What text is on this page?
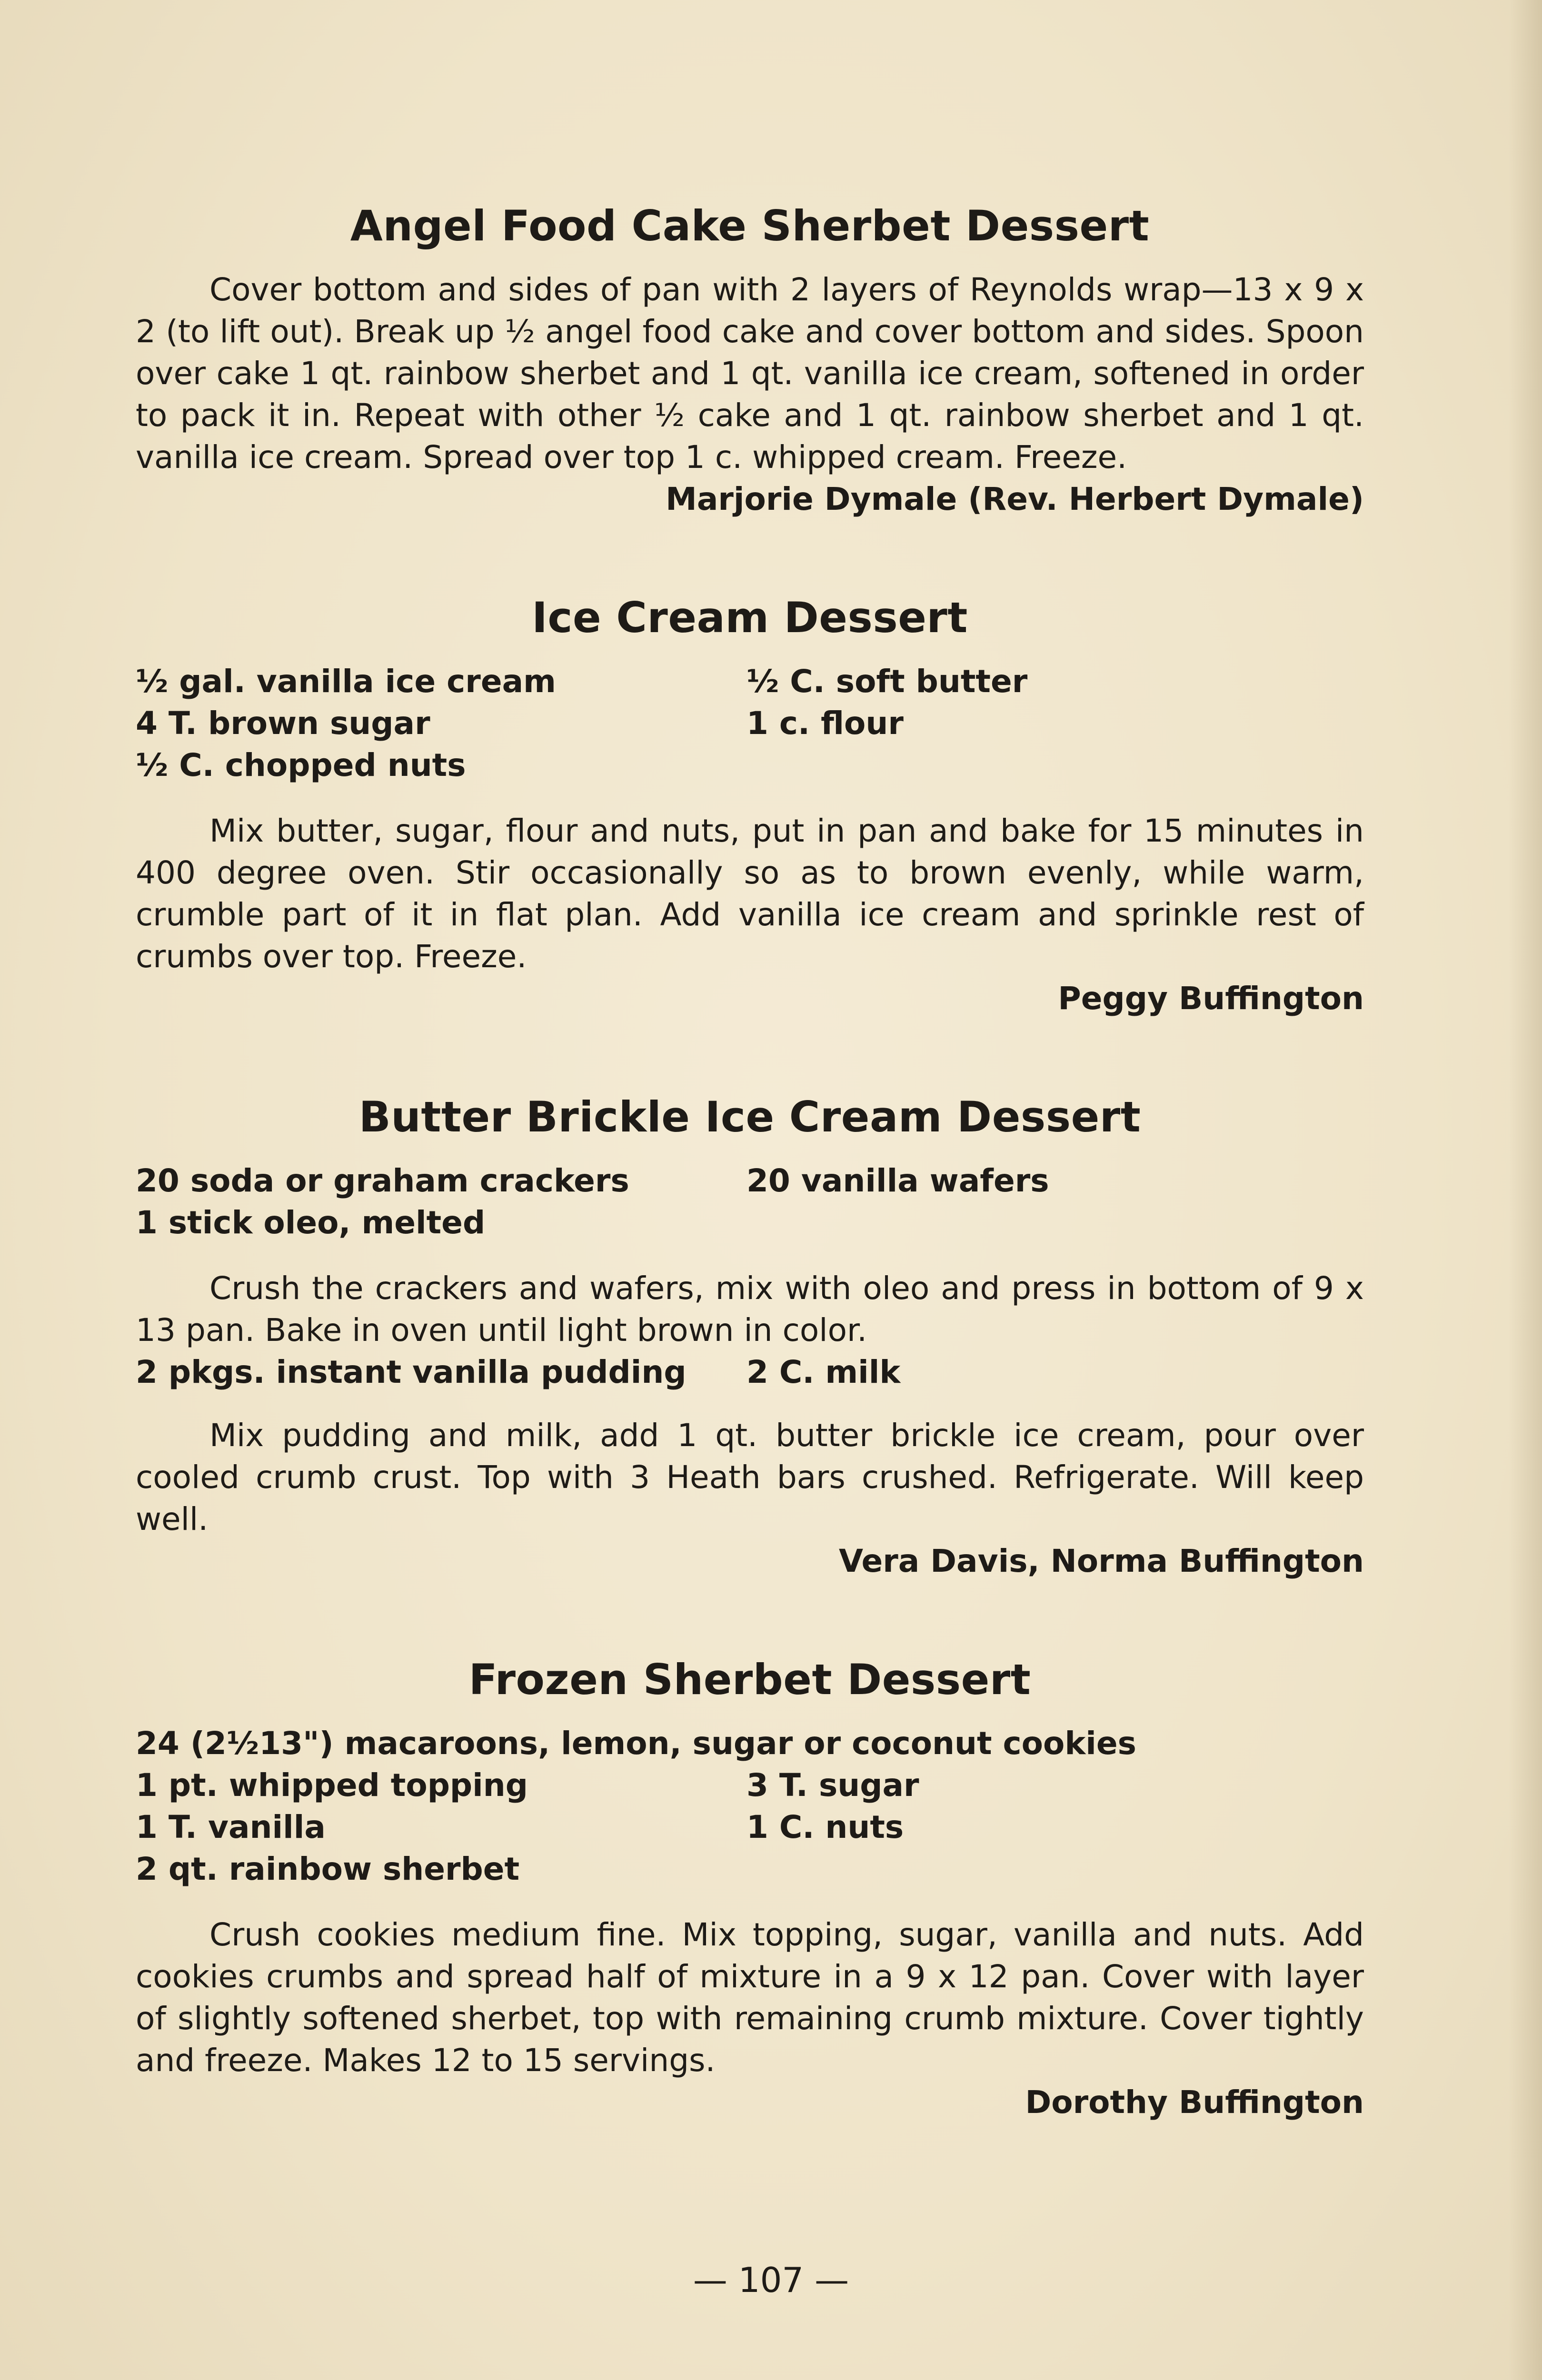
Angel Food Cake Sherbet Dessert

Cover bottom and sides of pan with 2 layers of Reynolds wrap—13 x 9 x 2 (to lift out). Break up ½ angel food cake and cover bottom and sides. Spoon over cake 1 qt. rainbow sherbet and 1 qt. vanilla ice cream, softened in order to pack it in. Repeat with other ½ cake and 1 qt. rainbow sherbet and 1 qt. vanilla ice cream. Spread over top 1 c. whipped cream. Freeze.

Marjorie Dymale (Rev. Herbert Dymale)

Ice Cream Dessert
½ gal. vanilla ice cream	½ C. soft butter
4 T. brown sugar	1 c. flour
½ C. chopped nuts

Mix butter, sugar, flour and nuts, put in pan and bake for 15 minutes in 400 degree oven. Stir occasionally so as to brown evenly, while warm, crumble part of it in flat plan. Add vanilla ice cream and sprinkle rest of crumbs over top. Freeze.

Peggy Buffington

Butter Brickle Ice Cream Dessert
20 soda or graham crackers	20 vanilla wafers
1 stick oleo, melted

Crush the crackers and wafers, mix with oleo and press in bottom of 9 x 13 pan. Bake in oven until light brown in color.

2 pkgs. instant vanilla pudding	2 C. milk

Mix pudding and milk, add 1 qt. butter brickle ice cream, pour over cooled crumb crust. Top with 3 Heath bars crushed. Refrigerate. Will keep well.

Vera Davis, Norma Buffington

Frozen Sherbet Dessert
24 (2½13") macaroons, lemon, sugar or coconut cookies
1 pt. whipped topping	3 T. sugar
1 T. vanilla	1 C. nuts
2 qt. rainbow sherbet

Crush cookies medium fine. Mix topping, sugar, vanilla and nuts. Add cookies crumbs and spread half of mixture in a 9 x 12 pan. Cover with layer of slightly softened sherbet, top with remaining crumb mixture. Cover tightly and freeze. Makes 12 to 15 servings.

Dorothy Buffington

— 107 —
